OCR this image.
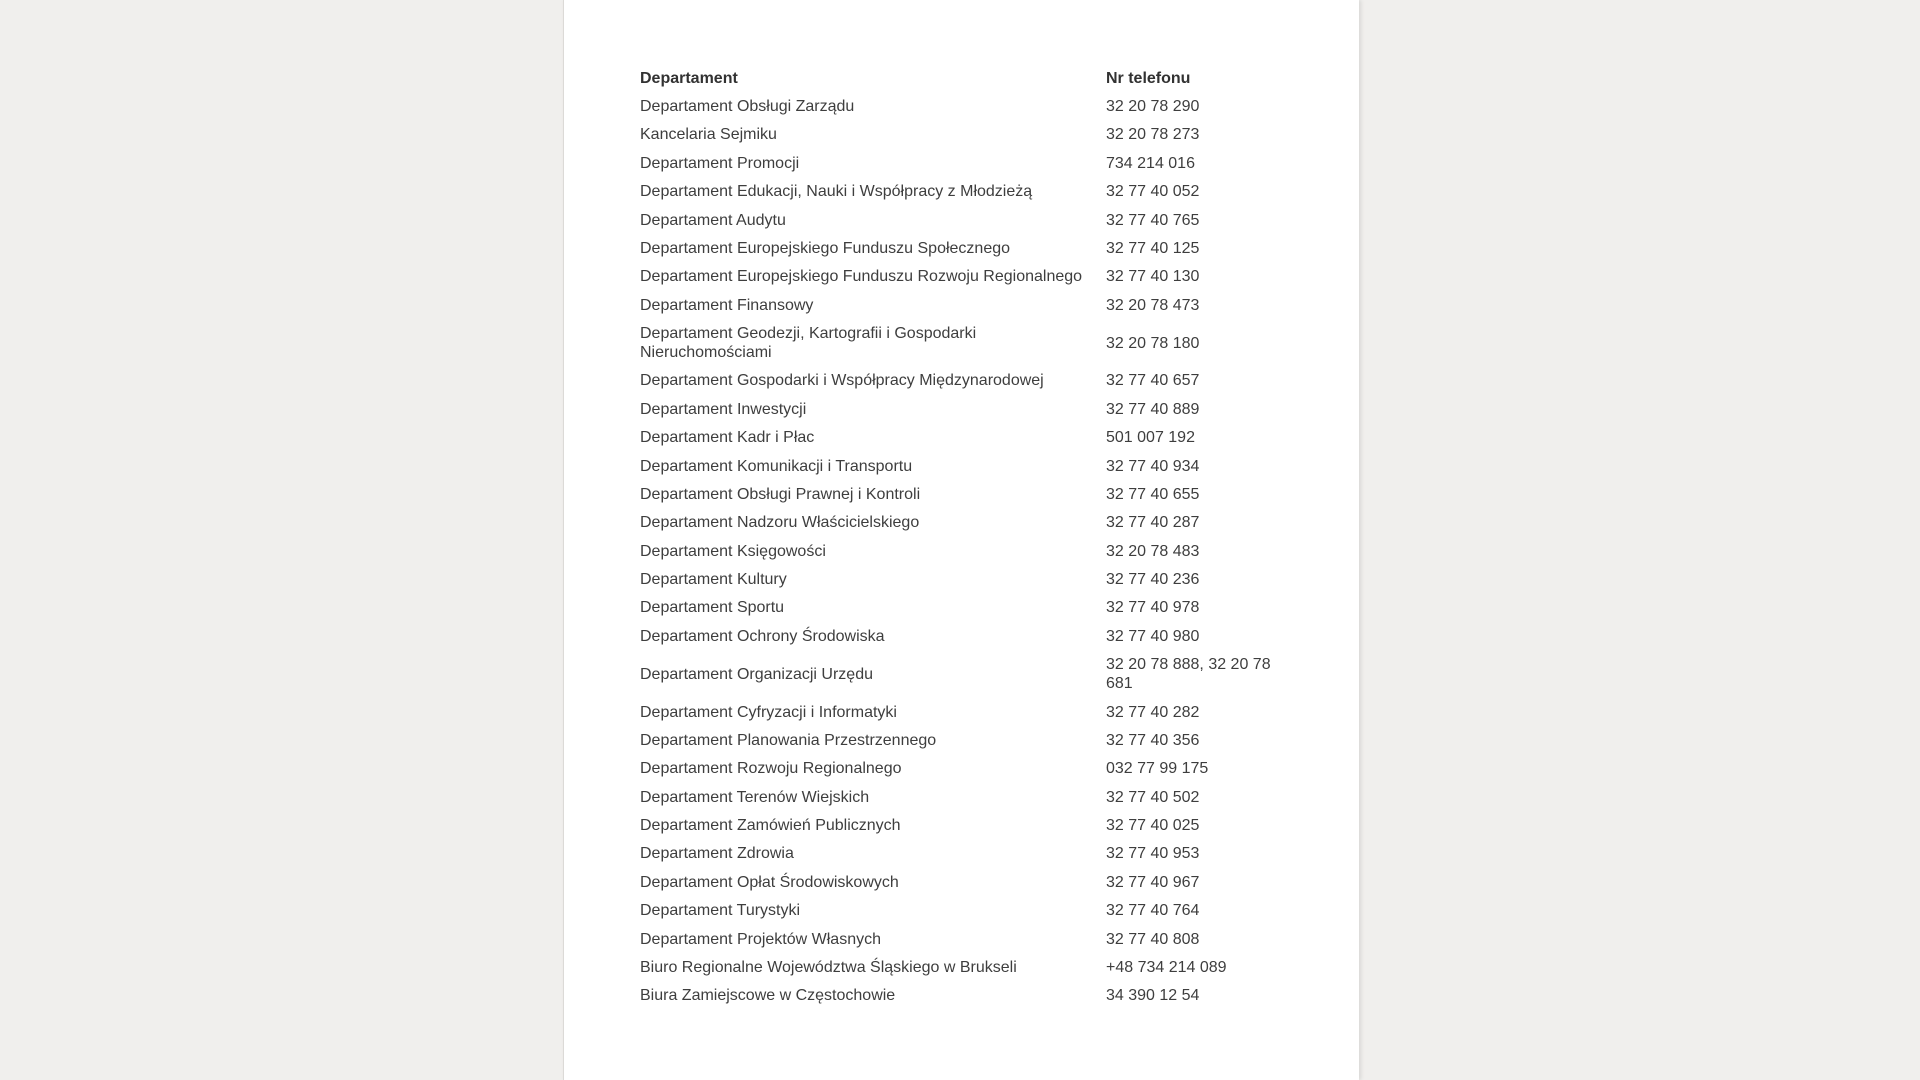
Departament	Nr telefonu
Departament Obsługi Zarządu	32 20 78 290
Kancelaria Sejmiku	32 20 78 273
Departament Promocji	734 214 016
Departament Edukacji, Nauki i Współpracy z Młodzieżą	32 77 40 052
Departament Audytu	32 77 40 765
Departament Europejskiego Funduszu Społecznego	32 77 40 125
Departament Europejskiego Funduszu Rozwoju Regionalnego	32 77 40 130
Departament Finansowy	32 20 78 473
Departament Geodezji, Kartografii i Gospodarki Nieruchomościami	32 20 78 180
Departament Gospodarki i Współpracy Międzynarodowej	32 77 40 657
Departament Inwestycji	32 77 40 889
Departament Kadr i Płac	501 007 192
Departament Komunikacji i Transportu	32 77 40 934
Departament Obsługi Prawnej i Kontroli	32 77 40 655
Departament Nadzoru Właścicielskiego	32 77 40 287
Departament Księgowości	32 20 78 483
Departament Kultury	32 77 40 236
Departament Sportu	32 77 40 978
Departament Ochrony Środowiska	32 77 40 980
Departament Organizacji Urzędu	32 20 78 888, 32 20 78 681
Departament Cyfryzacji i Informatyki	32 77 40 282
Departament Planowania Przestrzennego	32 77 40 356
Departament Rozwoju Regionalnego	032 77 99 175
Departament Terenów Wiejskich	32 77 40 502
Departament Zamówień Publicznych	32 77 40 025
Departament Zdrowia	32 77 40 953
Departament Opłat Środowiskowych	32 77 40 967
Departament Turystyki	32 77 40 764
Departament Projektów Własnych	32 77 40 808
Biuro Regionalne Województwa Śląskiego w Brukseli	+48 734 214 089
Biura Zamiejscowe w Częstochowie	34 390 12 54
